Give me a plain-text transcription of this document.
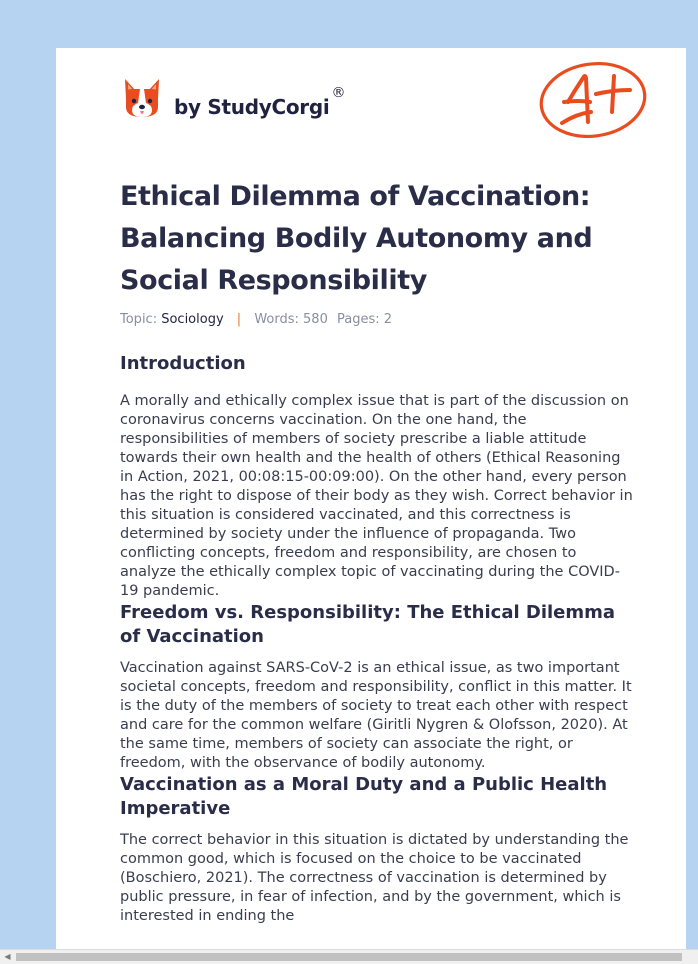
by StudyCorgi®
Ethical Dilemma of Vaccination: Balancing Bodily Autonomy and Social Responsibility
Topic: Sociology | Words: 580 Pages: 2
Introduction

A morally and ethically complex issue that is part of the discussion on coronavirus concerns vaccination. On the one hand, the responsibilities of members of society prescribe a liable attitude towards their own health and the health of others (Ethical Reasoning in Action, 2021, 00:08:15-00:09:00). On the other hand, every person has the right to dispose of their body as they wish. Correct behavior in this situation is considered vaccinated, and this correctness is determined by society under the influence of propaganda. Two conflicting concepts, freedom and responsibility, are chosen to analyze the ethically complex topic of vaccinating during the COVID-19 pandemic.

Freedom vs. Responsibility: The Ethical Dilemma of Vaccination

Vaccination against SARS-CoV-2 is an ethical issue, as two important societal concepts, freedom and responsibility, conflict in this matter. It is the duty of the members of society to treat each other with respect and care for the common welfare (Giritli Nygren & Olofsson, 2020). At the same time, members of society can associate the right, or freedom, with the observance of bodily autonomy.

Vaccination as a Moral Duty and a Public Health Imperative

The correct behavior in this situation is dictated by understanding the common good, which is focused on the choice to be vaccinated (Boschiero, 2021). The correctness of vaccination is determined by public pressure, in fear of infection, and by the government, which is interested in ending the

◀
